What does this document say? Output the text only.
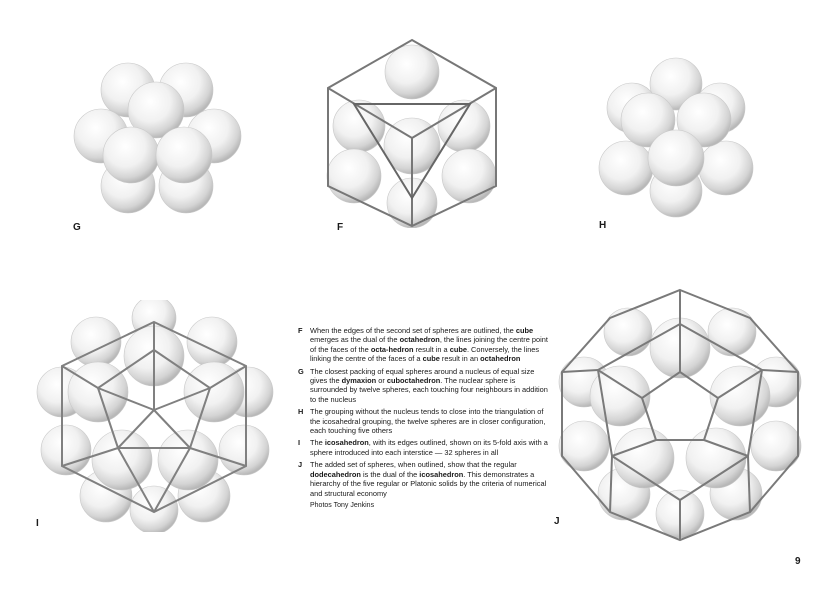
G	F	H
I	J
F	When the edges of the second set of spheres are outlined, the cube emerges as the dual of the octahedron, the lines joining the centre point of the faces of the octa-hedron result in a cube. Conversely, the lines linking the centre of the faces of a cube result in an octahedron
G The closest packing of equal spheres around a nucleus of equal size gives the dymaxion or cuboctahedron. The nuclear sphere is surrounded by twelve spheres, each touching four neighbours in addition to the nucleus
H The grouping without the nucleus tends to close into the triangulation of the icosahedral grouping, the twelve spheres are in closer configuration, each touching five others
I	The icosahedron, with its edges outlined, shown on its 5-fold axis with a sphere introduced into each interstice — 32 spheres in all
J	The added set of spheres, when outlined, show that the regular dodecahedron is the dual of the icosahedron. This demonstrates a hierarchy of the five regular or Platonic solids by the criteria of numerical and structural economy
Photos Tony Jenkins
9
